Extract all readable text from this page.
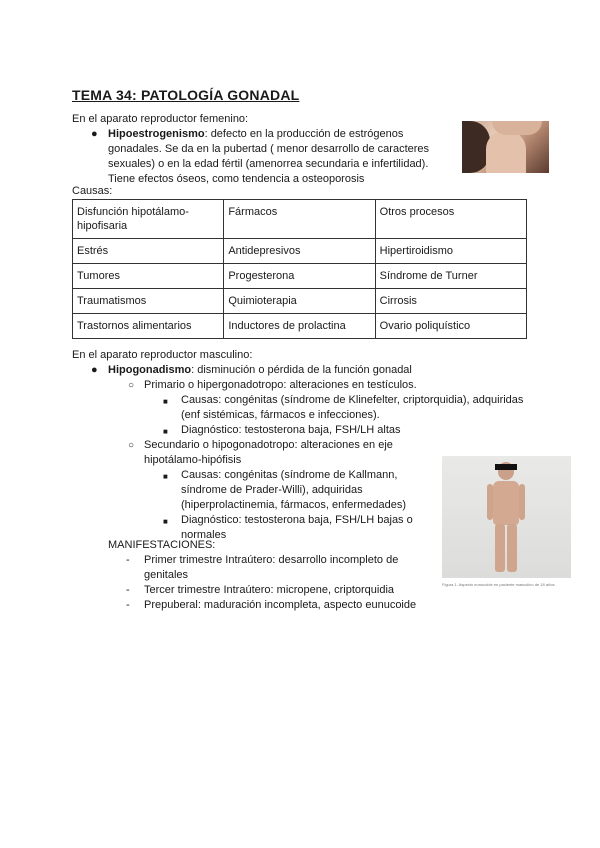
TEMA 34: PATOLOGÍA GONADAL

En el aparato reproductor femenino:

● Hipoestrogenismo: defecto en la producción de estrógenos
gonadales. Se da en la pubertad ( menor desarrollo de caracteres
sexuales) o en la edad fértil (amenorrea secundaria e infertilidad).
Tiene efectos óseos, como tendencia a osteoporosis

Causas:

Disfunción hipotálamo-hipofisaria	Fármacos	Otros procesos
Estrés	Antidepresivos	Hipertiroidismo
Tumores	Progesterona	Síndrome de Turner
Traumatismos	Quimioterapia	Cirrosis
Trastornos alimentarios	Inductores de prolactina	Ovario poliquístico

En el aparato reproductor masculino:

● Hipogonadismo: disminución o pérdida de la función gonadal
○ Primario o hipergonadotropo: alteraciones en testículos.
■ Causas: congénitas (síndrome de Klinefelter, criptorquidia), adquiridas
(enf sistémicas, fármacos e infecciones).
■ Diagnóstico: testosterona baja, FSH/LH altas
○ Secundario o hipogonadotropo: alteraciones en eje
hipotálamo-hipófisis
■ Causas: congénitas (síndrome de Kallmann,
síndrome de Prader-Willi), adquiridas
(hiperprolactinemia, fármacos, enfermedades)
■ Diagnóstico: testosterona baja, FSH/LH bajas o
normales
Figura 1. Aspecto eunucoide en paciente masculino de 18 años.
MANIFESTACIONES:
- Primer trimestre Intraútero: desarrollo incompleto de
genitales
- Tercer trimestre Intraútero: micropene, criptorquidia
- Prepuberal: maduración incompleta, aspecto eunucoide
